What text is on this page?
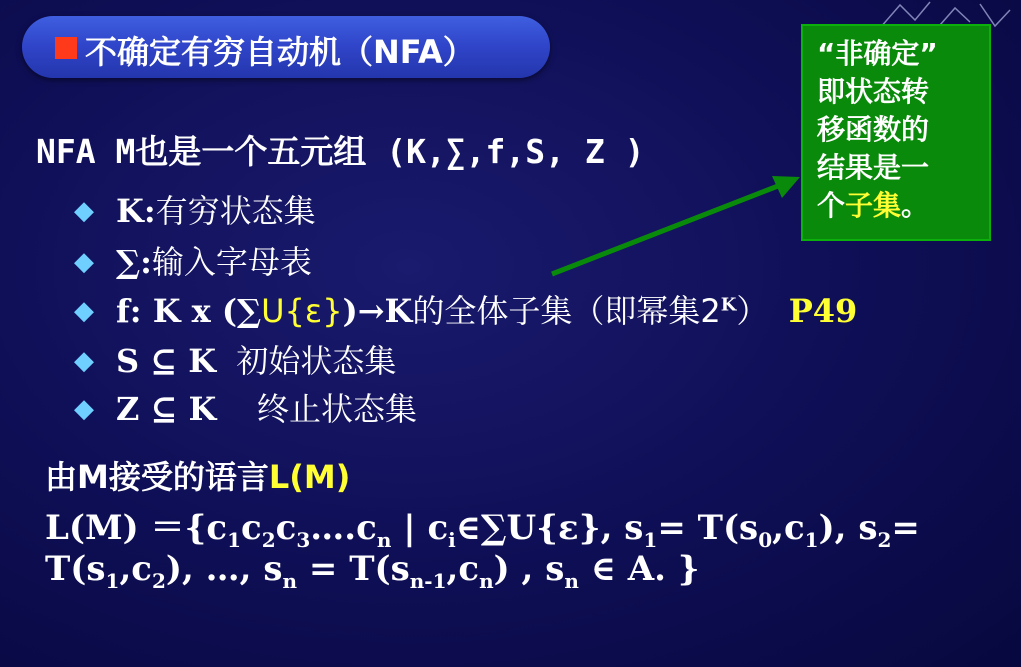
不确定有穷自动机（NFA）	“非确定”
即状态转
移函数的
结果是一
个子集。
NFA M也是一个五元组 (K,∑,f,S, Z )
◆ K:有穷状态集
◆ ∑:输入字母表
◆ f: K x (∑U{ε})→K的全体子集（即幂集$2^K$） P49
◆ S ⊆ K 初始状态集
◆ Z ⊆ K 终止状态集
由M接受的语言L(M)
$L(M) =\{c_1c_2c_3\dots.c_n$ | $c_i\in\sum U\{\varepsilon\}$, $s_1= T(s_0,c_1)$, $s_2=$
$T(s_1,c_2)$, …, $s_n = T(s_{n-1},c_n)$ , $s_n$ ∈ A. }
